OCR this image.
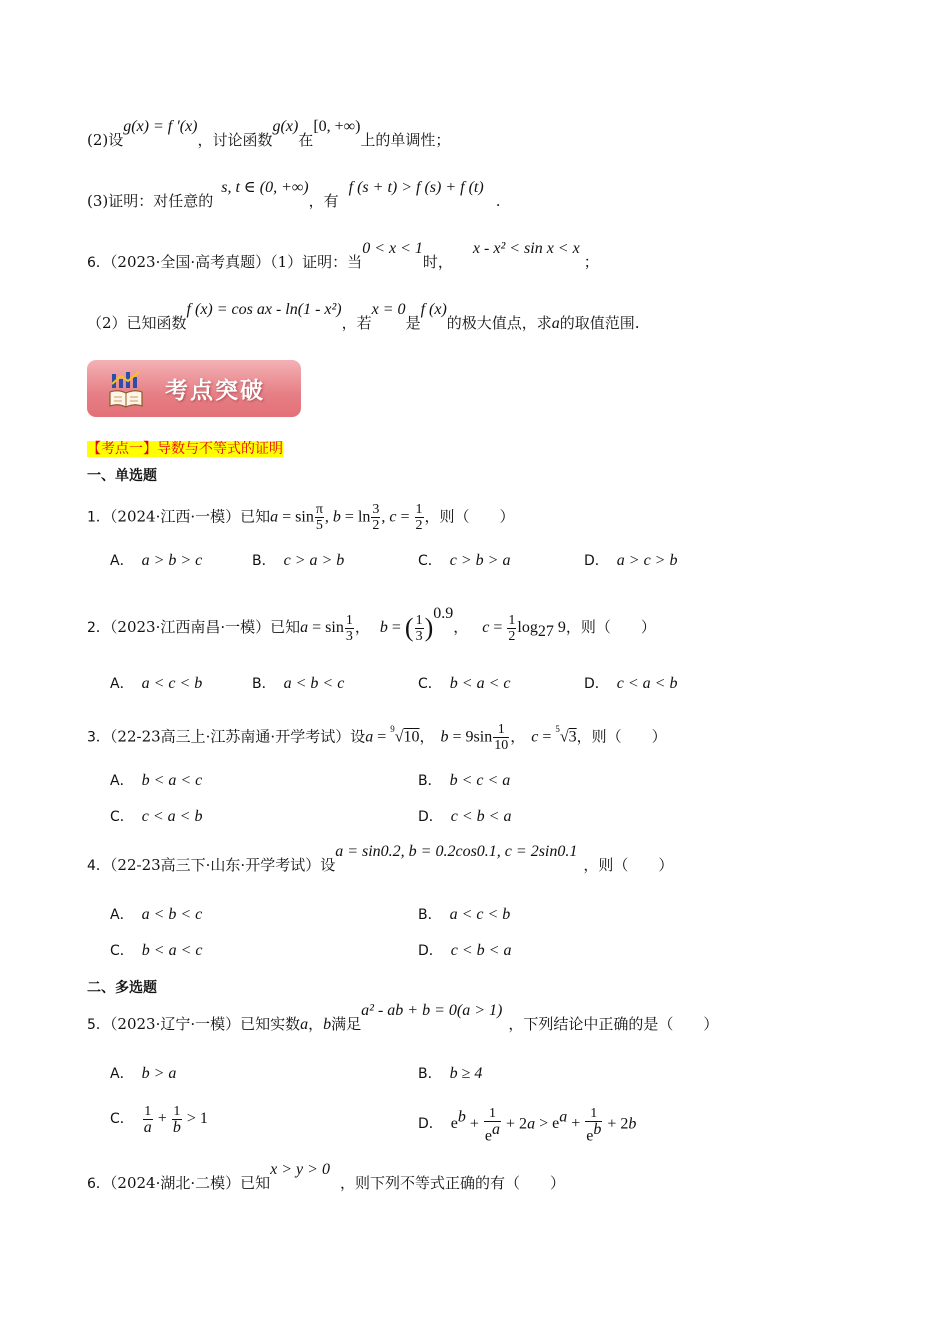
(2)设g(x) = f ′(x)，讨论函数g(x)在[0, +∞)上的单调性；
(3)证明：对任意的s, t ∈ (0, +∞)，有f (s + t) > f (s) + f (t).
6．（2023·全国·高考真题）（1）证明：当0 < x < 1时，x - x² < sin x < x；
（2）已知函数f (x) = cos ax - ln(1 - x²)，若x = 0是f (x)的极大值点，求a的取值范围.
考点突破
【考点一】导数与不等式的证明
一、单选题
1．（2024·江西·一模）已知$a = \sin \frac{\pi}{5}$ , $b = \ln \frac{3}{2}$ , $c = \frac{1}{2}$ ，则（　　）
A． a > b > c	B． c > a > b	C． c > b > a	D． a > c > b
2．（2023·江西南昌·一模）已知$a = \sin \frac{1}{3}$ ， b = ( $\frac{1}{3} )^{0.9}$， $c = \frac{1}{2} \log_{27} 9$，则（　　）
A． a < c < b	B． a < b < c	C． b < a < c	D． c < a < b
3．（22-23高三上·江苏南通·开学考试）设a = $^9$√10， $b = 9\sin \frac{1}{10}$ ， c = $^5$√3，则（　　）
A． b < a < c	B． b < c < a
C． c < a < b	D． c < b < a
4．（22-23高三下·山东·开学考试）设a = sin0.2, b = 0.2cos0.1, c = 2sin0.1，则（　　）
A． a < b < c	B． a < c < b
C． b < a < c	D． c < b < a
二、多选题
5．（2023·辽宁·一模）已知实数a，b满足a² - ab + b = 0(a > 1)，下列结论中正确的是（　　）
A． b > a	B． b ≥ 4
C． $\frac{1}{a} + \frac{1}{b} > 1$	D． $e^b + \frac{1}{e^a} + 2a > e^a + \frac{1}{e^b} + 2b$
6．（2024·湖北·二模）已知x > y > 0，则下列不等式正确的有（　　）
